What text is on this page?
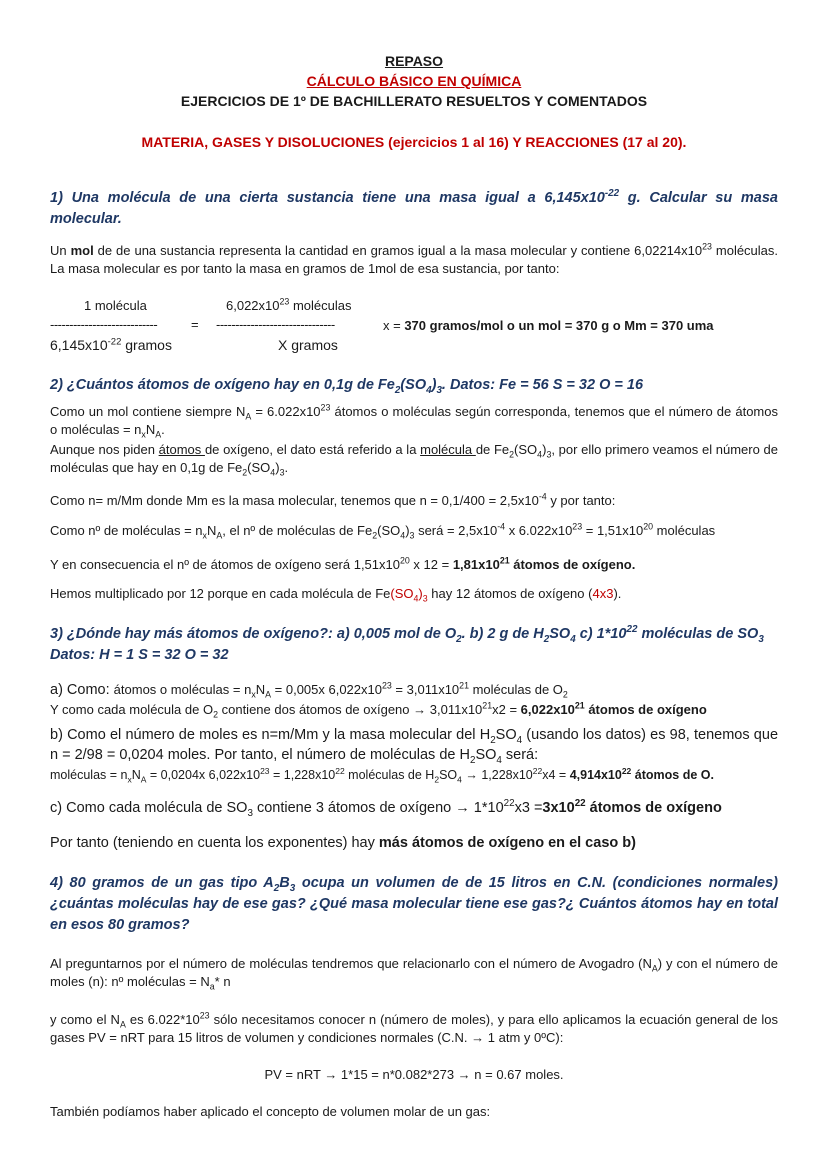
REPASO
CÁLCULO BÁSICO EN QUÍMICA
EJERCICIOS DE 1º DE BACHILLERATO RESUELTOS Y COMENTADOS
MATERIA, GASES Y DISOLUCIONES (ejercicios 1 al 16) Y REACCIONES (17 al 20).
1) Una molécula de una cierta sustancia tiene una masa igual a $6,145x10^{-22}$ g. Calcular su masa molecular.
Un mol de de una sustancia representa la cantidad en gramos igual a la masa molecular y contiene $6,02214x10^{23}$ moléculas. La masa molecular es por tanto la masa en gramos de 1mol de esa sustancia, por tanto:
1 molécula	$6,022x10^{23}$ moléculas
----------------------------	= -------------------------------	x = 370 gramos/mol o un mol = 370 g o Mm = 370 uma
$6,145x10^{-22}$ gramos	X gramos
2) ¿Cuántos átomos de oxígeno hay en 0,1g de $Fe_2(SO_4)_3$. Datos: Fe = 56 S = 32 O = 16
Como un mol contiene siempre $N_A = 6.022x10^{23}$ átomos o moléculas según corresponda, tenemos que el número de átomos o moléculas = $n_xN_A$.
Aunque nos piden átomos de oxígeno, el dato está referido a la molécula de $Fe_2(SO_4)_3$, por ello primero veamos el número de moléculas que hay en 0,1g de $Fe_2(SO_4)_3$.
Como n= m/Mm donde Mm es la masa molecular, tenemos que $n = 0,1/400 = 2,5x10^{-4}$ y por tanto:
Como nº de moléculas = $n_xN_A$, el nº de moléculas de $Fe_2(SO_4)_3$ será = $2,5x10^{-4}$ x $6.022x10^{23} = 1,51x10^{20}$ moléculas
Y en consecuencia el nº de átomos de oxígeno será $1,51x10^{20}$ x $12 = 1,81x10^{21}$ átomos de oxígeno.
Hemos multiplicado por 12 porque en cada molécula de $Fe(SO_4)_3$ hay 12 átomos de oxígeno (4x3).
3) ¿Dónde hay más átomos de oxígeno?: a) 0,005 mol de $O_2$. b) 2 g de $H_2SO_4$ c) $1*10^{22}$ moléculas de $SO_3$
Datos: H = 1 S = 32 O = 32
a) Como: átomos o moléculas = $n_xN_A = 0,005x$ $6,022x10^{23} = 3,011x10^{21}$ moléculas de $O_2$
Y como cada molécula de $O_2$ contiene dos átomos de oxígeno → $3,011x10^{21}x2 = 6,022x10^{21}$ átomos de oxígeno
b) Como el número de moles es n=m/Mm y la masa molecular del $H_2SO_4$ (usando los datos) es 98, tenemos que n = 2/98 = 0,0204 moles. Por tanto, el número de moléculas de $H_2SO_4$ será:
moléculas = $n_xN_A = 0,0204x$ $6,022x10^{23} = 1,228x10^{22}$ moléculas de $H_2SO_4 \to 1,228x10^{22}x4 = 4,914x10^{22}$ átomos de O.
c) Como cada molécula de $SO_3$ contiene 3 átomos de oxígeno → $1*10^{22}x3 =3x10^{22}$ átomos de oxígeno
Por tanto (teniendo en cuenta los exponentes) hay más átomos de oxígeno en el caso b)
4) 80 gramos de un gas tipo $A_2B_3$ ocupa un volumen de de 15 litros en C.N. (condiciones normales) ¿cuántas moléculas hay de ese gas? ¿Qué masa molecular tiene ese gas?¿ Cuántos átomos hay en total en esos 80 gramos?
Al preguntarnos por el número de moléculas tendremos que relacionarlo con el número de Avogadro $(N_A)$ y con el número de moles (n): nº moléculas = $N_a*$ n
y como el $N_A$ es $6.022*10^{23}$ sólo necesitamos conocer n (número de moles), y para ello aplicamos la ecuación general de los gases PV = nRT para 15 litros de volumen y condiciones normales (C.N. → 1 atm y 0ºC):
PV = nRT → 1*15 = n*0.082*273 → n = 0.67 moles.
También podíamos haber aplicado el concepto de volumen molar de un gas:
